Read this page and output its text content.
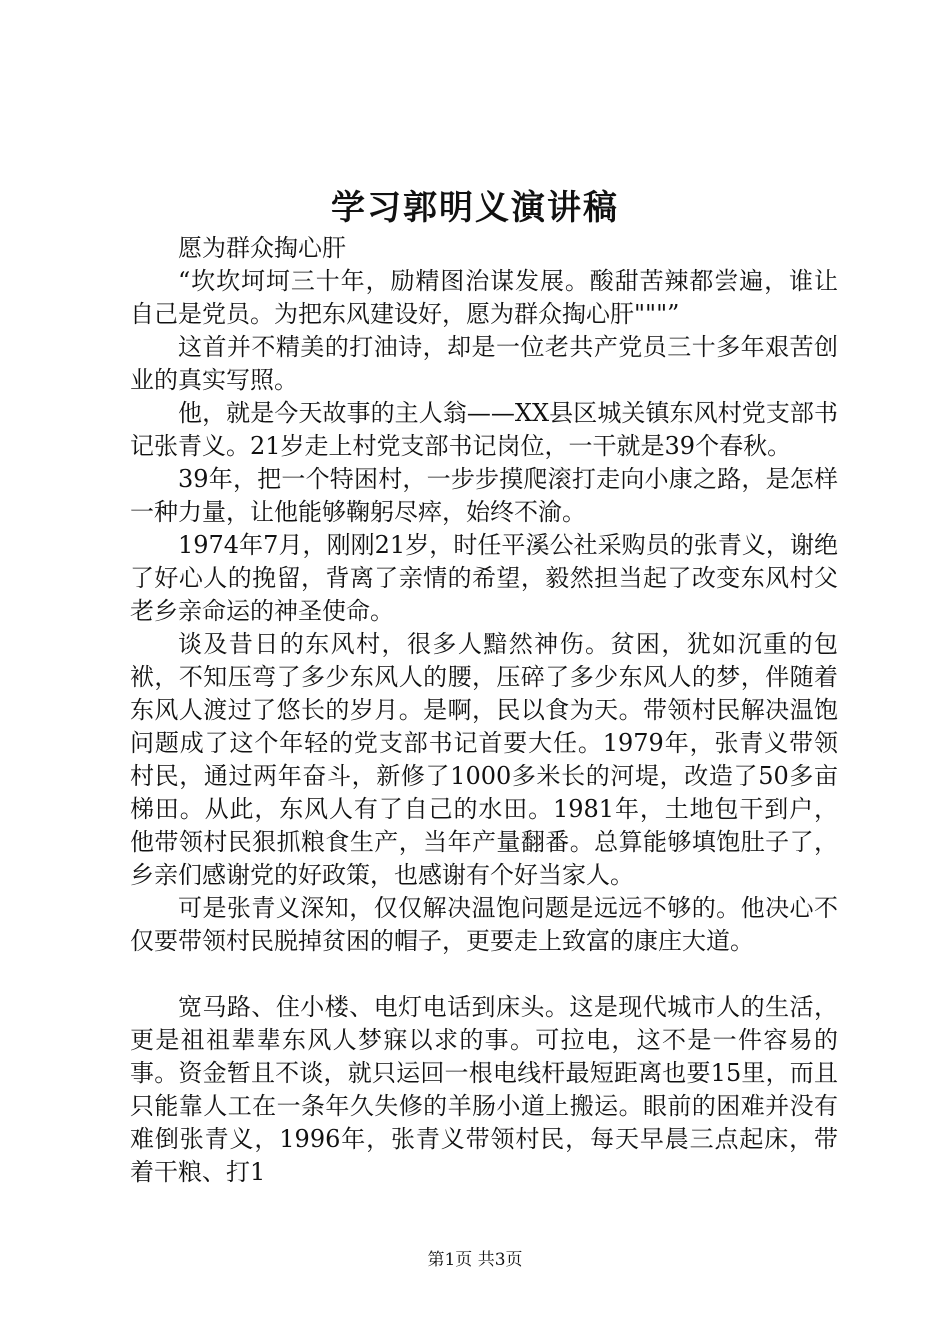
学习郭明义演讲稿

愿为群众掏心肝

“坎坎坷坷三十年，励精图治谋发展。酸甜苦辣都尝遍，谁让自己是党员。为把东风建设好，愿为群众掏心肝"""”

这首并不精美的打油诗，却是一位老共产党员三十多年艰苦创业的真实写照。

他，就是今天故事的主人翁——XX县区城关镇东风村党支部书记张青义。21岁走上村党支部书记岗位，一干就是39个春秋。

39年，把一个特困村，一步步摸爬滚打走向小康之路，是怎样一种力量，让他能够鞠躬尽瘁，始终不渝。

1974年7月，刚刚21岁，时任平溪公社采购员的张青义，谢绝了好心人的挽留，背离了亲情的希望，毅然担当起了改变东风村父老乡亲命运的神圣使命。

谈及昔日的东风村，很多人黯然神伤。贫困，犹如沉重的包袱，不知压弯了多少东风人的腰，压碎了多少东风人的梦，伴随着东风人渡过了悠长的岁月。是啊，民以食为天。带领村民解决温饱问题成了这个年轻的党支部书记首要大任。1979年，张青义带领村民，通过两年奋斗，新修了1000多米长的河堤，改造了50多亩梯田。从此，东风人有了自己的水田。1981年，土地包干到户，他带领村民狠抓粮食生产，当年产量翻番。总算能够填饱肚子了，乡亲们感谢党的好政策，也感谢有个好当家人。

可是张青义深知，仅仅解决温饱问题是远远不够的。他决心不仅要带领村民脱掉贫困的帽子，更要走上致富的康庄大道。

宽马路、住小楼、电灯电话到床头。这是现代城市人的生活，更是祖祖辈辈东风人梦寐以求的事。可拉电，这不是一件容易的事。资金暂且不谈，就只运回一根电线杆最短距离也要15里，而且只能靠人工在一条年久失修的羊肠小道上搬运。眼前的困难并没有难倒张青义，1996年，张青义带领村民，每天早晨三点起床，带着干粮、打1

第1页 共3页
